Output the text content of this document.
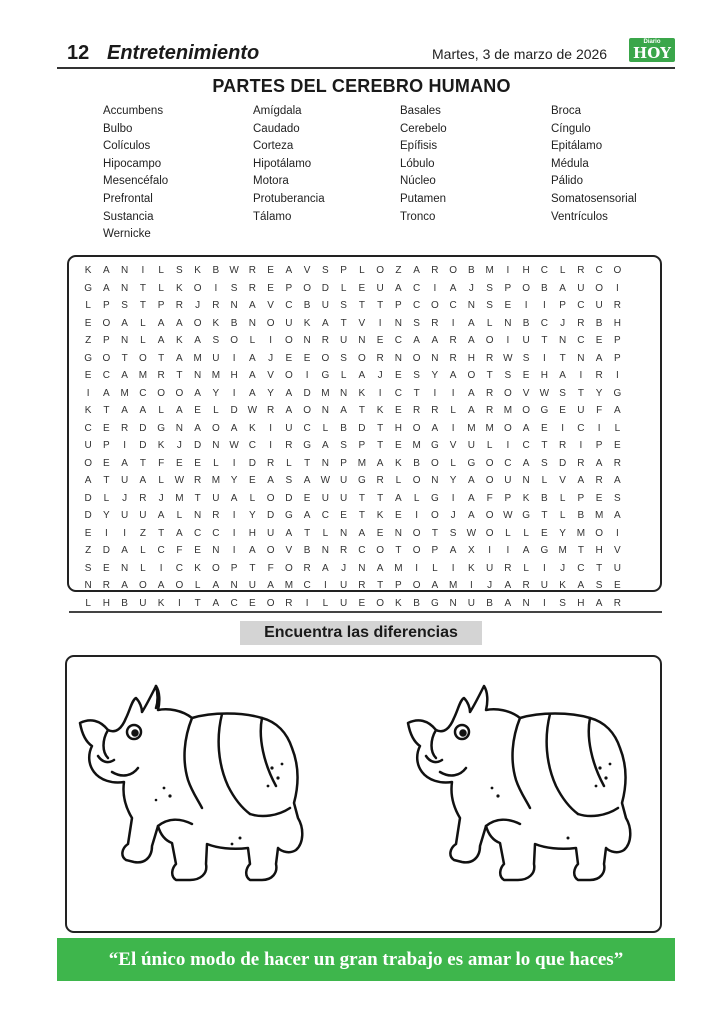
12 Entretenimiento	Martes, 3 de marzo de 2026
Diario
HOY
PARTES DEL CEREBRO HUMANO
Accumbens
Bulbo
Colículos
Hipocampo
Mesencéfalo
Prefrontal
Sustancia
Wernicke
Amígdala
Caudado
Corteza
Hipotálamo
Motora
Protuberancia
Tálamo
Basales
Cerebelo
Epífisis
Lóbulo
Núcleo
Putamen
Tronco
Broca
Cíngulo
Epitálamo
Médula
Pálido
Somatosensorial
Ventrículos
K A N I L S K B W R E A V S P L O Z A R O B M I H C L R C O
G A N T L K O I S R E P O D L E U A C I A J S P O B A U O I
L P S T P R J R N A V C B U S T T P C O C N S E I I P C U R
E O A L A A O K B N O U K A T V I N S R I A L N B C J R B H
Z P N L A K A S O L I O N R U N E C A A R A O I U T N C E P
G O T O T A M U I A J E E O S O R N O N R H R W S I T N A P
E C A M R T N M H A V O I G L A J E S Y A O T S E H A I R I
I A M C O O A Y I A Y A D M N K I C T I I A R O V W S T Y G
K T A A L A E L D W R A O N A T K E R R L A R M O G E U F A
C E R D G N A O A K I U C L B D T H O A I M M O A E I C I L
U P I D K J D N W C I R G A S P T E M G V U L I C T R I P E
O E A T F E E L I D R L T N P M A K B O L G O C A S D R A R
A T U A L W R M Y E A S A W U G R L O N Y A O U N L V A R A
D L J R J M T U A L O D E U U T T A L G I A F P K B L P E S
D Y U U A L N R I Y D G A C E T K E I O J A O W G T L B M A
E I I Z T A C C I H U A T L N A E N O T S W O L L E Y M O I
Z D A L C F E N I A O V B N R C O T O P A X I I A G M T H V
S E N L I C K O P T F O R A J N A M I L I K U R L I J C T U
N R A O A O L A N U A M C I U R T P O A M I J A R U K A S E
L H B U K I T A C E O R I L U E O K B G N U B A N I S H A R
Encuentra las diferencias
“El único modo de hacer un gran trabajo es amar lo que haces”
